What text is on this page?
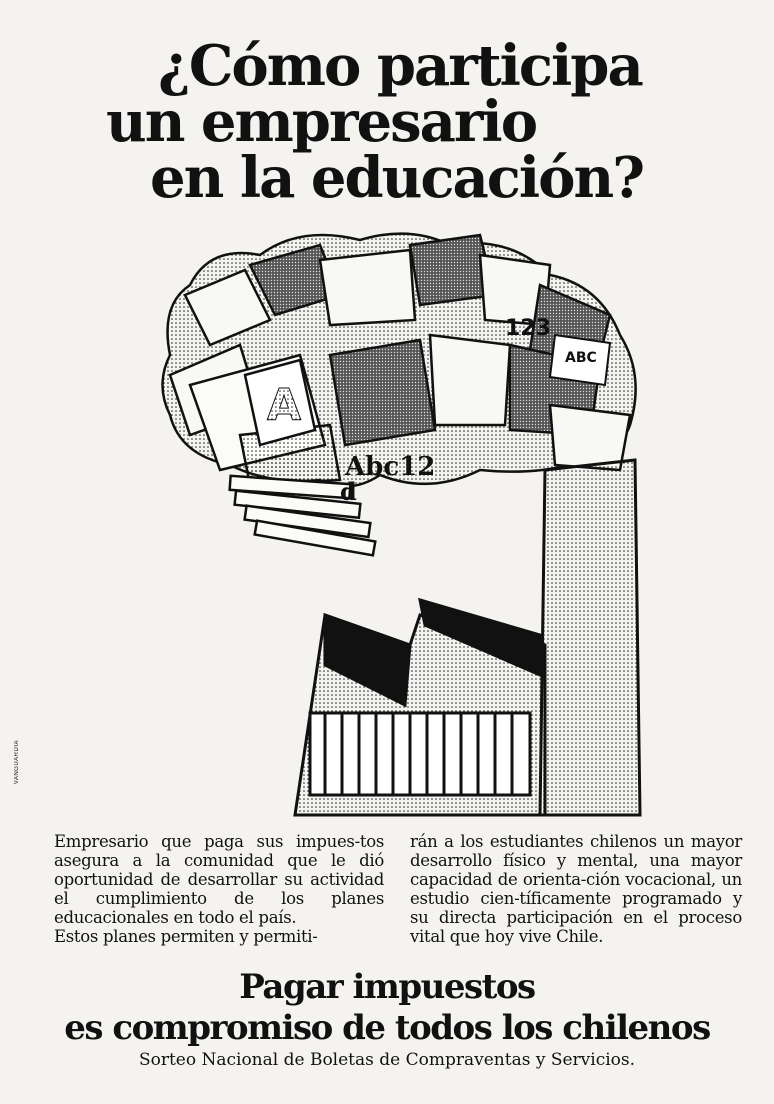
¿Cómo participa
un empresario
en la educación?
A
ABC
123
Abc12
d
VANGUARDIA

Empresario que paga sus impues-tos asegura a la comunidad que le dió oportunidad de desarrollar su actividad el cumplimiento de los planes educacionales en todo el país.

Estos planes permiten y permiti-

rán a los estudiantes chilenos un mayor desarrollo físico y mental, una mayor capacidad de orienta-ción vocacional, un estudio cien-tíficamente programado y su directa participación en el proceso vital que hoy vive Chile.

Pagar impuestos
es compromiso de todos los chilenos
Sorteo Nacional de Boletas de Compraventas y Servicios.
